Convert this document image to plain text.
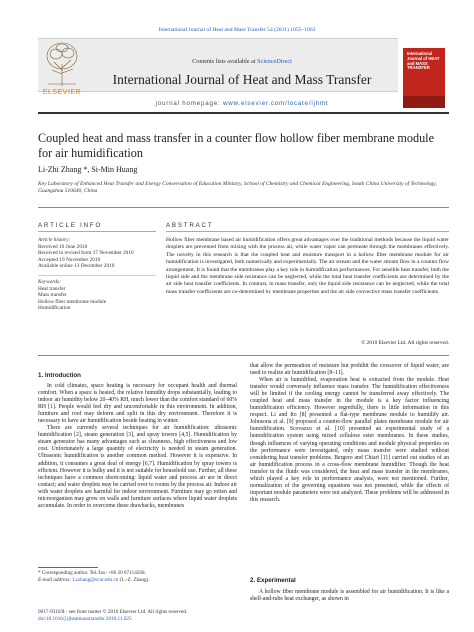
International Journal of Heat and Mass Transfer 54 (2011) 1055–1063
ELSEVIER
Contents lists available at ScienceDirect
International Journal of Heat and Mass Transfer
journal homepage: www.elsevier.com/locate/ijhmt
International Journal of HEAT and MASS TRANSFER
Coupled heat and mass transfer in a counter flow hollow fiber membrane module for air humidification
Li-Zhi Zhang *, Si-Min Huang
Key Laboratory of Enhanced Heat Transfer and Energy Conservation of Education Ministry, School of Chemistry and Chemical Engineering, South China University of Technology, Guangzhou 510640, China
ARTICLE INFO
Article history:
Received 10 June 2010
Received in revised form 17 November 2010
Accepted 19 November 2010
Available online 13 December 2010
Keywords:
Heat transfer
Mass transfer
Hollow fiber membrane module
Humidification
ABSTRACT
Hollow fiber membrane based air humidification offers great advantages over the traditional methods because the liquid water droplets are prevented from mixing with the process air, while water vapor can permeate through the membranes effectively. The novelty in this research is that the coupled heat and moisture transport in a hollow fiber membrane module for air humidification is investigated, both numerically and experimentally. The air stream and the water stream flow in a counter flow arrangement. It is found that the membranes play a key role in humidification performances. For sensible heat transfer, both the liquid side and the membrane side resistance can be neglected, while the total heat transfer coefficients are determined by the air side heat transfer coefficients. In contrast, in mass transfer, only the liquid side resistance can be neglected, while the total mass transfer coefficients are co-determined by membrane properties and the air side convective mass transfer coefficients.
© 2010 Elsevier Ltd. All rights reserved.
1. Introduction

In cold climates, space heating is necessary for occupant health and thermal comfort. When a space is heated, the relative humidity drops substantially, leading to indoor air humidity below 20–40% RH, much lower than the comfort standard of 60% RH [1]. People would feel dry and uncomfortable in this environment. In addition, furniture and roof may deform and split in this dry environment. Therefore it is necessary to have air humidification beside heating in winter.

There are currently several techniques for air humidification: ultrasonic humidification [2], steam generation [3], and spray towers [4,5]. Humidification by steam generator has many advantages such as cleanness, high effectiveness and low cost. Unfortunately a large quantity of electricity is needed in steam generation. Ultrasonic humidification is another common method. However it is expensive. In addition, it consumes a great deal of energy [6,7]. Humidification by spray towers is efficient. However it is bulky and it is not suitable for household use. Further, all these techniques have a common shortcoming: liquid water and process air are in direct contact; and water droplets may be carried over to rooms by the process air. Indoor air with water droplets are harmful for indoor environment. Furniture may go rotten and microorganism may grow on walls and furniture surfaces where liquid water droplets accumulate. In order to overcome these drawbacks, membranes

* Corresponding author. Tel./fax: +86 20 87114268.
E-mail address: Lzzhang@scut.edu.cn (L.-Z. Zhang).
0017-9310/$ - see front matter © 2010 Elsevier Ltd. All rights reserved.
doi:10.1016/j.ijheatmasstransfer.2010.11.025

that allow the permeation of moisture but prohibit the crossover of liquid water, are used to realize air humidification [8–11].

When air is humidified, evaporation heat is extracted from the module. Heat transfer would conversely influence mass transfer. The humidification effectiveness will be limited if the cooling energy cannot be transferred away effectively. The coupled heat and mass transfer in the module is a key factor influencing humidification efficiency. However regretfully, there is little information in this respect. Li and Ito [8] presented a flat-type membrane module to humidify air. Johnsona et al. [9] proposed a counter-flow parallel plates membrane module for air humidification. Scovazzo et al. [10] presented an experimental study of a humidification system using mixed cellulose ester membranes. In these studies, though influences of varying operating conditions and module physical properties on the performance were investigated, only mass transfer were studied without considering heat transfer problems. Bergero and Chiari [11] carried out studies of an air humidification process in a cross-flow membrane humidifier. Though the heat transfer in the fluids was considered, the heat and mass transfer in the membranes, which played a key role in performance analysis, were not mentioned. Further, normalization of the governing equations was not presented, while the effects of important module parameters were not analyzed. These problems will be addressed in this research.

2. Experimental

A hollow fiber membrane module is assembled for air humidification. It is like a shell-and-tube heat exchanger, as shown in
